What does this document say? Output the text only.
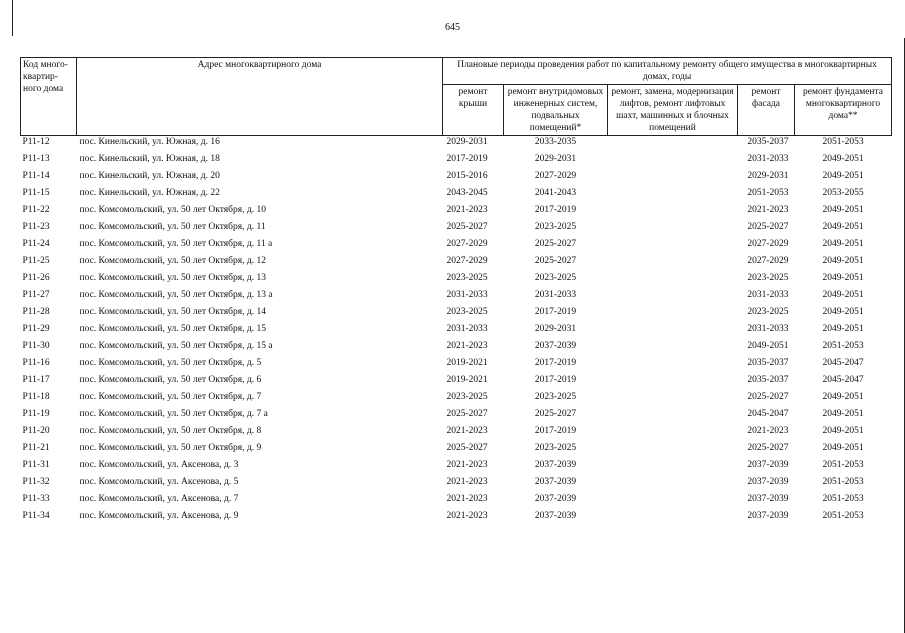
645
Код много-квартир-ного дома	Адрес многоквартирного дома	Плановые периоды проведения работ по капитальному ремонту общего имущества в многоквартирных домах, годы				
		ремонт крыши	ремонт внутридомовых инженерных систем, подвальных помещений*	ремонт, замена, модернизация лифтов, ремонт лифтовых шахт, машинных и блочных помещений	ремонт фасада	ремонт фундамента многоквартирного дома**
Р11-12	пос. Кинельский, ул. Южная, д. 16	2029-2031	2033-2035		2035-2037	2051-2053
Р11-13	пос. Кинельский, ул. Южная, д. 18	2017-2019	2029-2031		2031-2033	2049-2051
Р11-14	пос. Кинельский, ул. Южная, д. 20	2015-2016	2027-2029		2029-2031	2049-2051
Р11-15	пос. Кинельский, ул. Южная, д. 22	2043-2045	2041-2043		2051-2053	2053-2055
Р11-22	пос. Комсомольский, ул. 50 лет Октября, д. 10	2021-2023	2017-2019		2021-2023	2049-2051
Р11-23	пос. Комсомольский, ул. 50 лет Октября, д. 11	2025-2027	2023-2025		2025-2027	2049-2051
Р11-24	пос. Комсомольский, ул. 50 лет Октября, д. 11 а	2027-2029	2025-2027		2027-2029	2049-2051
Р11-25	пос. Комсомольский, ул. 50 лет Октября, д. 12	2027-2029	2025-2027		2027-2029	2049-2051
Р11-26	пос. Комсомольский, ул. 50 лет Октября, д. 13	2023-2025	2023-2025		2023-2025	2049-2051
Р11-27	пос. Комсомольский, ул. 50 лет Октября, д. 13 а	2031-2033	2031-2033		2031-2033	2049-2051
Р11-28	пос. Комсомольский, ул. 50 лет Октября, д. 14	2023-2025	2017-2019		2023-2025	2049-2051
Р11-29	пос. Комсомольский, ул. 50 лет Октября, д. 15	2031-2033	2029-2031		2031-2033	2049-2051
Р11-30	пос. Комсомольский, ул. 50 лет Октября, д. 15 а	2021-2023	2037-2039		2049-2051	2051-2053
Р11-16	пос. Комсомольский, ул. 50 лет Октября, д. 5	2019-2021	2017-2019		2035-2037	2045-2047
Р11-17	пос. Комсомольский, ул. 50 лет Октября, д. 6	2019-2021	2017-2019		2035-2037	2045-2047
Р11-18	пос. Комсомольский, ул. 50 лет Октября, д. 7	2023-2025	2023-2025		2025-2027	2049-2051
Р11-19	пос. Комсомольский, ул. 50 лет Октября, д. 7 а	2025-2027	2025-2027		2045-2047	2049-2051
Р11-20	пос. Комсомольский, ул. 50 лет Октября, д. 8	2021-2023	2017-2019		2021-2023	2049-2051
Р11-21	пос. Комсомольский, ул. 50 лет Октября, д. 9	2025-2027	2023-2025		2025-2027	2049-2051
Р11-31	пос. Комсомольский, ул. Аксенова, д. 3	2021-2023	2037-2039		2037-2039	2051-2053
Р11-32	пос. Комсомольский, ул. Аксенова, д. 5	2021-2023	2037-2039		2037-2039	2051-2053
Р11-33	пос. Комсомольский, ул. Аксенова, д. 7	2021-2023	2037-2039		2037-2039	2051-2053
Р11-34	пос. Комсомольский, ул. Аксенова, д. 9	2021-2023	2037-2039		2037-2039	2051-2053
